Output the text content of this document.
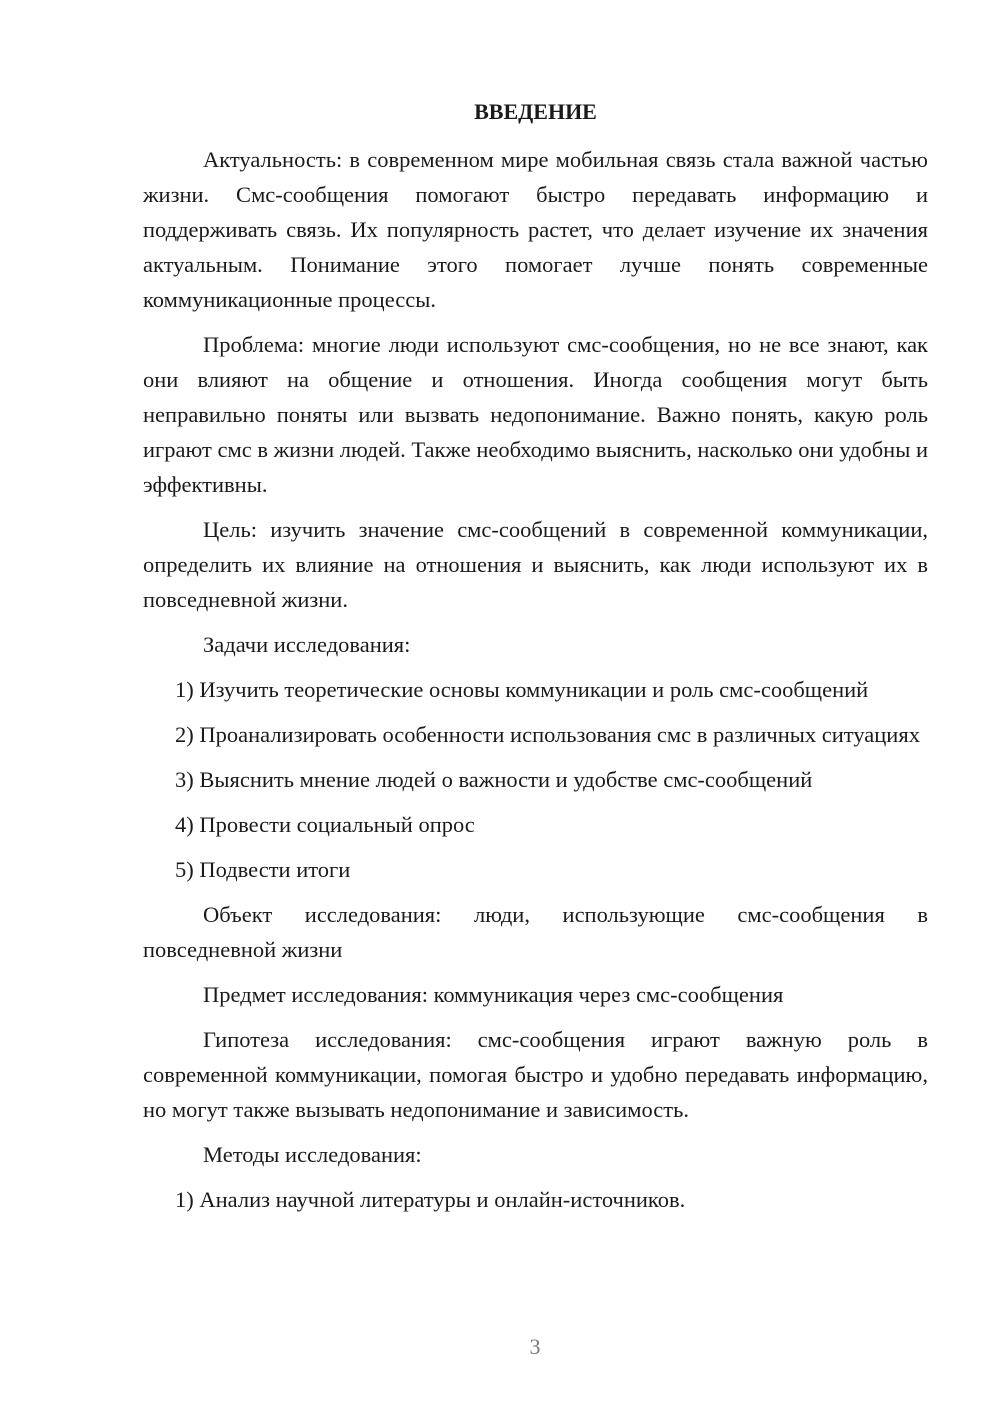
ВВЕДЕНИЕ

Актуальность: в современном мире мобильная связь стала важной частью жизни. Смс-сообщения помогают быстро передавать информацию и поддерживать связь. Их популярность растет, что делает изучение их значения актуальным. Понимание этого помогает лучше понять современные коммуникационные процессы.

Проблема: многие люди используют смс-сообщения, но не все знают, как они влияют на общение и отношения. Иногда сообщения могут быть неправильно поняты или вызвать недопонимание. Важно понять, какую роль играют смс в жизни людей. Также необходимо выяснить, насколько они удобны и эффективны.

Цель: изучить значение смс-сообщений в современной коммуникации, определить их влияние на отношения и выяснить, как люди используют их в повседневной жизни.

Задачи исследования:

1) Изучить теоретические основы коммуникации и роль смс-сообщений

2) Проанализировать особенности использования смс в различных ситуациях

3) Выяснить мнение людей о важности и удобстве смс-сообщений

4) Провести социальный опрос

5) Подвести итоги

Объект исследования: люди, использующие смс-сообщения в повседневной жизни

Предмет исследования: коммуникация через смс-сообщения

Гипотеза исследования: смс-сообщения играют важную роль в современной коммуникации, помогая быстро и удобно передавать информацию, но могут также вызывать недопонимание и зависимость.

Методы исследования:

1) Анализ научной литературы и онлайн-источников.

3
